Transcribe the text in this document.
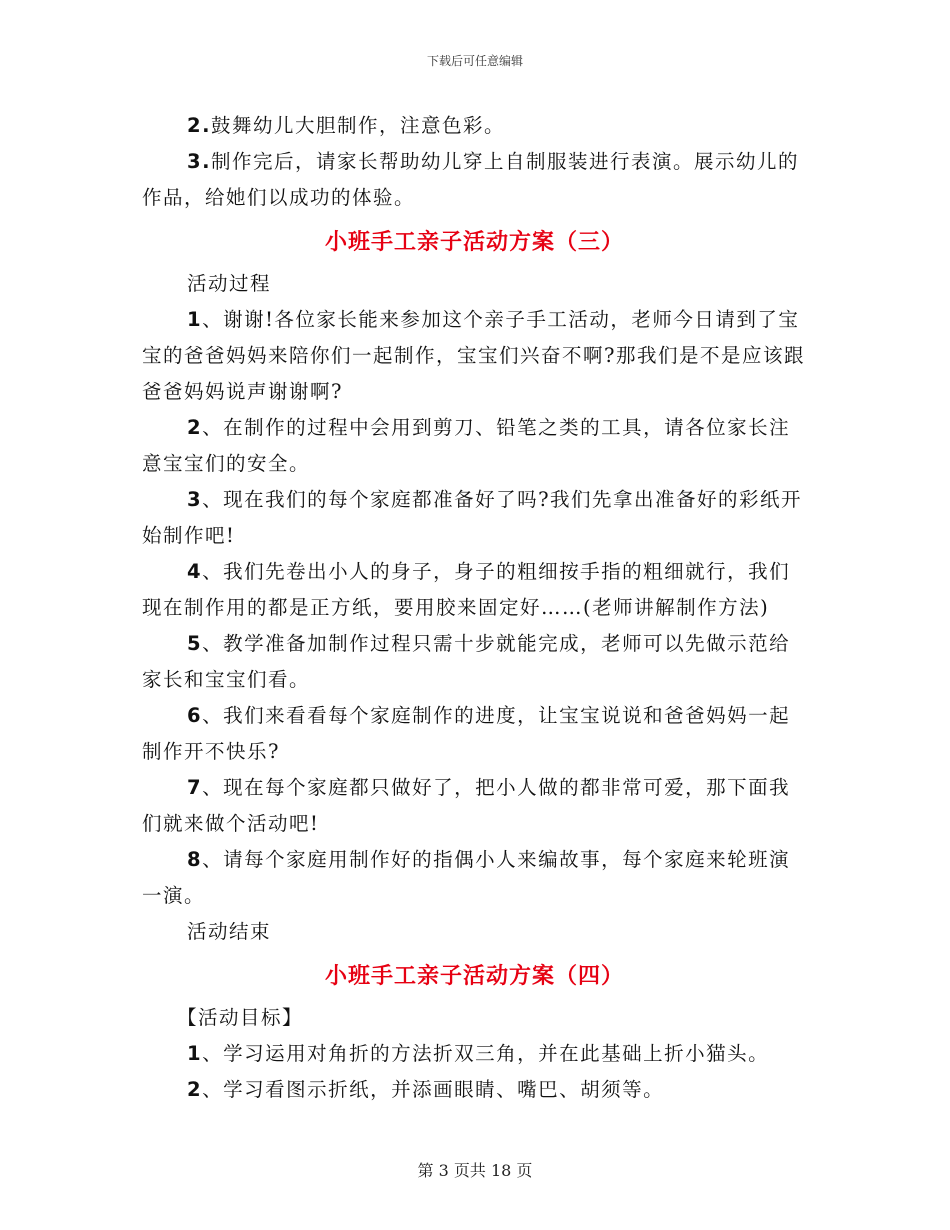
下载后可任意编辑

2.鼓舞幼儿大胆制作，注意色彩。

3.制作完后，请家长帮助幼儿穿上自制服装进行表演。展示幼儿的作品，给她们以成功的体验。

小班手工亲子活动方案（三）

活动过程

1、谢谢!各位家长能来参加这个亲子手工活动，老师今日请到了宝宝的爸爸妈妈来陪你们一起制作，宝宝们兴奋不啊?那我们是不是应该跟爸爸妈妈说声谢谢啊?

2、在制作的过程中会用到剪刀、铅笔之类的工具，请各位家长注意宝宝们的安全。

3、现在我们的每个家庭都准备好了吗?我们先拿出准备好的彩纸开始制作吧!

4、我们先卷出小人的身子，身子的粗细按手指的粗细就行，我们现在制作用的都是正方纸，要用胶来固定好……(老师讲解制作方法)

5、教学准备加制作过程只需十步就能完成，老师可以先做示范给家长和宝宝们看。

6、我们来看看每个家庭制作的进度，让宝宝说说和爸爸妈妈一起制作开不快乐?

7、现在每个家庭都只做好了，把小人做的都非常可爱，那下面我们就来做个活动吧!

8、请每个家庭用制作好的指偶小人来编故事，每个家庭来轮班演一演。

活动结束

小班手工亲子活动方案（四）

【活动目标】

1、学习运用对角折的方法折双三角，并在此基础上折小猫头。

2、学习看图示折纸，并添画眼睛、嘴巴、胡须等。

第 3 页共 18 页
